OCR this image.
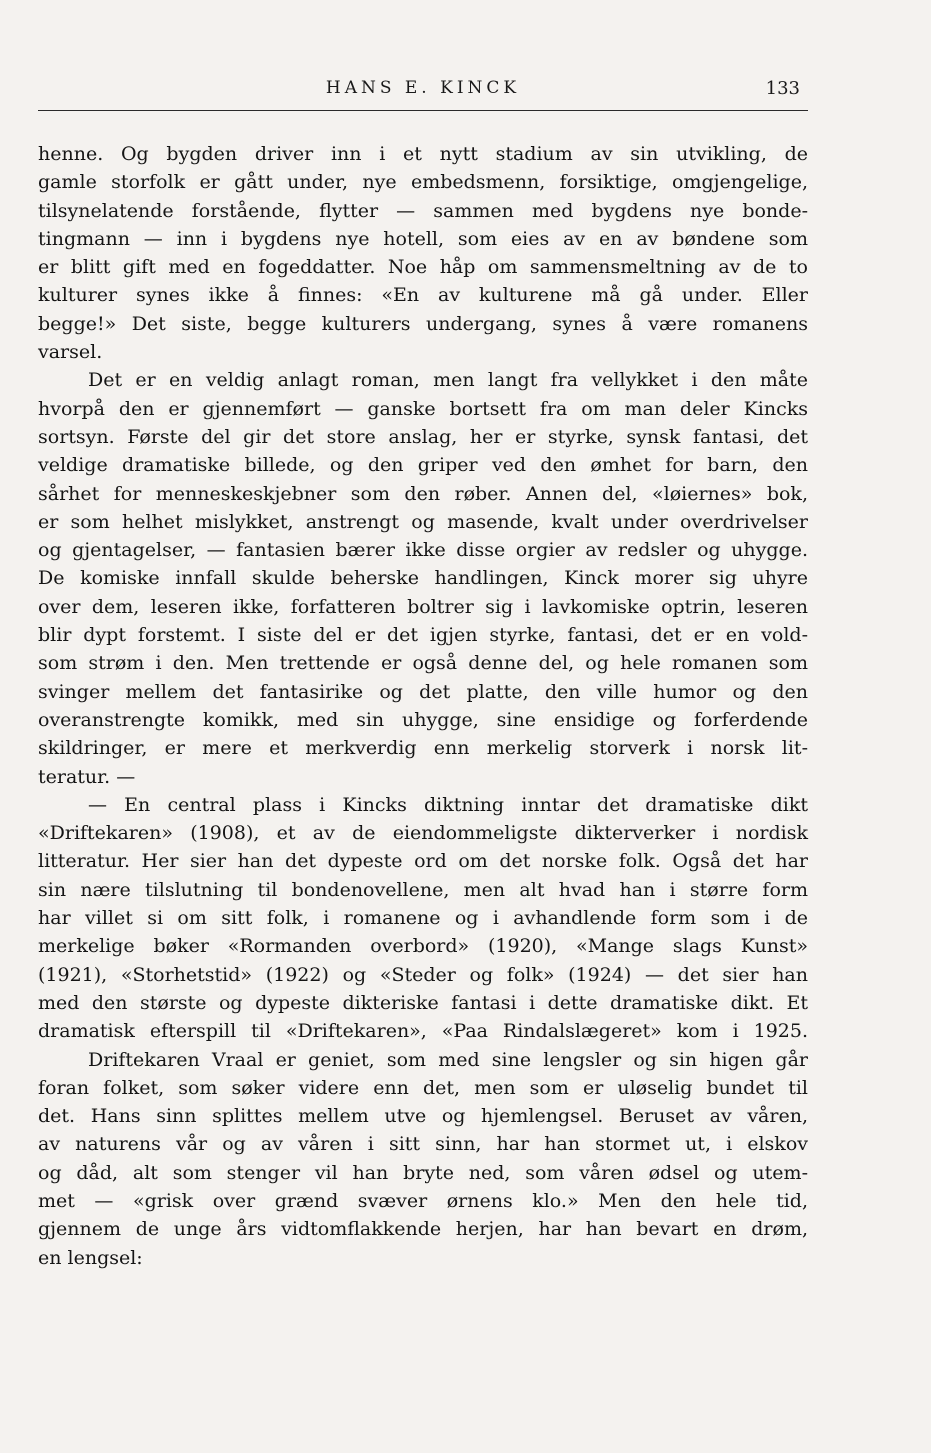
HANS E. KINCK	133
henne. Og bygden driver inn i et nytt stadium av sin utvikling, de
gamle storfolk er gått under, nye embedsmenn, forsiktige, omgjengelige,
tilsynelatende forstående, flytter — sammen med bygdens nye bonde-
tingmann — inn i bygdens nye hotell, som eies av en av bøndene som
er blitt gift med en fogeddatter. Noe håp om sammensmeltning av de to
kulturer synes ikke å finnes: «En av kulturene må gå under. Eller
begge!» Det siste, begge kulturers undergang, synes å være romanens
varsel.
Det er en veldig anlagt roman, men langt fra vellykket i den måte
hvorpå den er gjennemført — ganske bortsett fra om man deler Kincks
sortsyn. Første del gir det store anslag, her er styrke, synsk fantasi, det
veldige dramatiske billede, og den griper ved den ømhet for barn, den
sårhet for menneskeskjebner som den røber. Annen del, «løiernes» bok,
er som helhet mislykket, anstrengt og masende, kvalt under overdrivelser
og gjentagelser, — fantasien bærer ikke disse orgier av redsler og uhygge.
De komiske innfall skulde beherske handlingen, Kinck morer sig uhyre
over dem, leseren ikke, forfatteren boltrer sig i lavkomiske optrin, leseren
blir dypt forstemt. I siste del er det igjen styrke, fantasi, det er en vold-
som strøm i den. Men trettende er også denne del, og hele romanen som
svinger mellem det fantasirike og det platte, den ville humor og den
overanstrengte komikk, med sin uhygge, sine ensidige og forferdende
skildringer, er mere et merkverdig enn merkelig storverk i norsk lit-
teratur. —
— En central plass i Kincks diktning inntar det dramatiske dikt
«Driftekaren» (1908), et av de eiendommeligste dikterverker i nordisk
litteratur. Her sier han det dypeste ord om det norske folk. Også det har
sin nære tilslutning til bondenovellene, men alt hvad han i større form
har villet si om sitt folk, i romanene og i avhandlende form som i de
merkelige bøker «Rormanden overbord» (1920), «Mange slags Kunst»
(1921), «Storhetstid» (1922) og «Steder og folk» (1924) — det sier han
med den største og dypeste dikteriske fantasi i dette dramatiske dikt. Et
dramatisk efterspill til «Driftekaren», «Paa Rindalslægeret» kom i 1925.
Driftekaren Vraal er geniet, som med sine lengsler og sin higen går
foran folket, som søker videre enn det, men som er uløselig bundet til
det. Hans sinn splittes mellem utve og hjemlengsel. Beruset av våren,
av naturens vår og av våren i sitt sinn, har han stormet ut, i elskov
og dåd, alt som stenger vil han bryte ned, som våren ødsel og utem-
met — «grisk over grænd svæver ørnens klo.» Men den hele tid,
gjennem de unge års vidtomflakkende herjen, har han bevart en drøm,
en lengsel:
